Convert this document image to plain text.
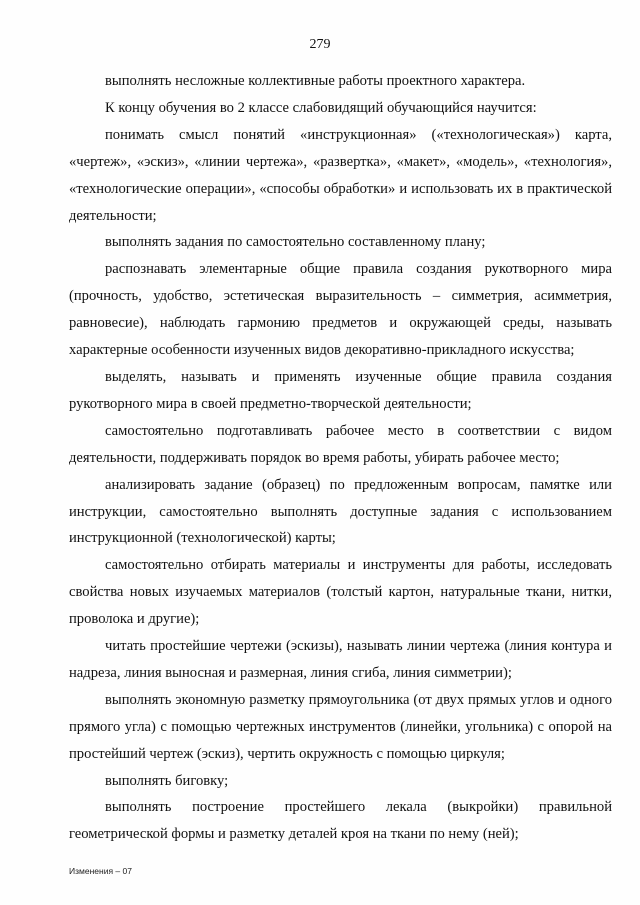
279

выполнять несложные коллективные работы проектного характера.

К концу обучения во 2 классе слабовидящий обучающийся научится:

понимать смысл понятий «инструкционная» («технологическая») карта, «чертеж», «эскиз», «линии чертежа», «развертка», «макет», «модель», «технология», «технологические операции», «способы обработки» и использовать их в практической деятельности;

выполнять задания по самостоятельно составленному плану;

распознавать элементарные общие правила создания рукотворного мира (прочность, удобство, эстетическая выразительность – симметрия, асимметрия, равновесие), наблюдать гармонию предметов и окружающей среды, называть характерные особенности изученных видов декоративно-прикладного искусства;

выделять, называть и применять изученные общие правила создания рукотворного мира в своей предметно-творческой деятельности;

самостоятельно подготавливать рабочее место в соответствии с видом деятельности, поддерживать порядок во время работы, убирать рабочее место;

анализировать задание (образец) по предложенным вопросам, памятке или инструкции, самостоятельно выполнять доступные задания с использованием инструкционной (технологической) карты;

самостоятельно отбирать материалы и инструменты для работы, исследовать свойства новых изучаемых материалов (толстый картон, натуральные ткани, нитки, проволока и другие);

читать простейшие чертежи (эскизы), называть линии чертежа (линия контура и надреза, линия выносная и размерная, линия сгиба, линия симметрии);

выполнять экономную разметку прямоугольника (от двух прямых углов и одного прямого угла) с помощью чертежных инструментов (линейки, угольника) с опорой на простейший чертеж (эскиз), чертить окружность с помощью циркуля;

выполнять биговку;

выполнять построение простейшего лекала (выкройки) правильной геометрической формы и разметку деталей кроя на ткани по нему (ней);

Изменения – 07
